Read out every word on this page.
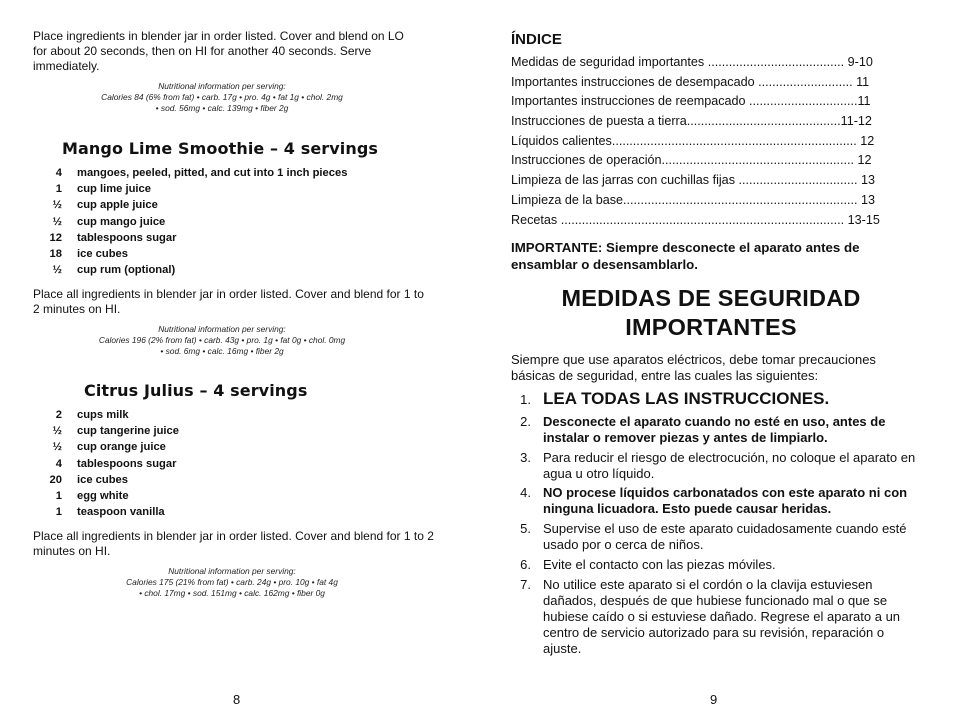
Place ingredients in blender jar in order listed. Cover and blend on LO for about 20 seconds, then on HI for another 40 seconds. Serve immediately.
Nutritional information per serving:
Calories 84 (6% from fat) • carb. 17g • pro. 4g • fat 1g • chol. 2mg
• sod. 56mg • calc. 139mg • fiber 2g
Mango Lime Smoothie – 4 servings
4 mangoes, peeled, pitted, and cut into 1 inch pieces
1 cup lime juice
½ cup apple juice
½ cup mango juice
12 tablespoons sugar
18 ice cubes
½ cup rum (optional)
Place all ingredients in blender jar in order listed. Cover and blend for 1 to 2 minutes on HI.
Nutritional information per serving:
Calories 196 (2% from fat) • carb. 43g • pro. 1g • fat 0g • chol. 0mg
• sod. 6mg • calc. 16mg • fiber 2g
Citrus Julius – 4 servings
2 cups milk
½ cup tangerine juice
½ cup orange juice
4 tablespoons sugar
20 ice cubes
1 egg white
1 teaspoon vanilla
Place all ingredients in blender jar in order listed. Cover and blend for 1 to 2 minutes on HI.
Nutritional information per serving:
Calories 175 (21% from fat) • carb. 24g • pro. 10g • fat 4g
• chol. 17mg • sod. 151mg • calc. 162mg • fiber 0g
8
ÍNDICE
Medidas de seguridad importantes ....................................... 9-10
Importantes instrucciones de desempacado ........................... 11
Importantes instrucciones de reempacado ...............................11
Instrucciones de puesta a tierra............................................11-12
Líquidos calientes...................................................................... 12
Instrucciones de operación....................................................... 12
Limpieza de las jarras con cuchillas fijas .................................. 13
Limpieza de la base................................................................... 13
Recetas ................................................................................. 13-15
IMPORTANTE: Siempre desconecte el aparato antes de ensamblar o desensamblarlo.
MEDIDAS DE SEGURIDAD
IMPORTANTES
Siempre que use aparatos eléctricos, debe tomar precauciones básicas de seguridad, entre las cuales las siguientes:
1. LEA TODAS LAS INSTRUCCIONES.
2. Desconecte el aparato cuando no esté en uso, antes de instalar o remover piezas y antes de limpiarlo.
3. Para reducir el riesgo de electrocución, no coloque el aparato en agua u otro líquido.
4. NO procese líquidos carbonatados con este aparato ni con ninguna licuadora. Esto puede causar heridas.
5. Supervise el uso de este aparato cuidadosamente cuando esté usado por o cerca de niños.
6. Evite el contacto con las piezas móviles.
7. No utilice este aparato si el cordón o la clavija estuviesen dañados, después de que hubiese funcionado mal o que se hubiese caído o si estuviese dañado. Regrese el aparato a un centro de servicio autorizado para su revisión, reparación o ajuste.
9
